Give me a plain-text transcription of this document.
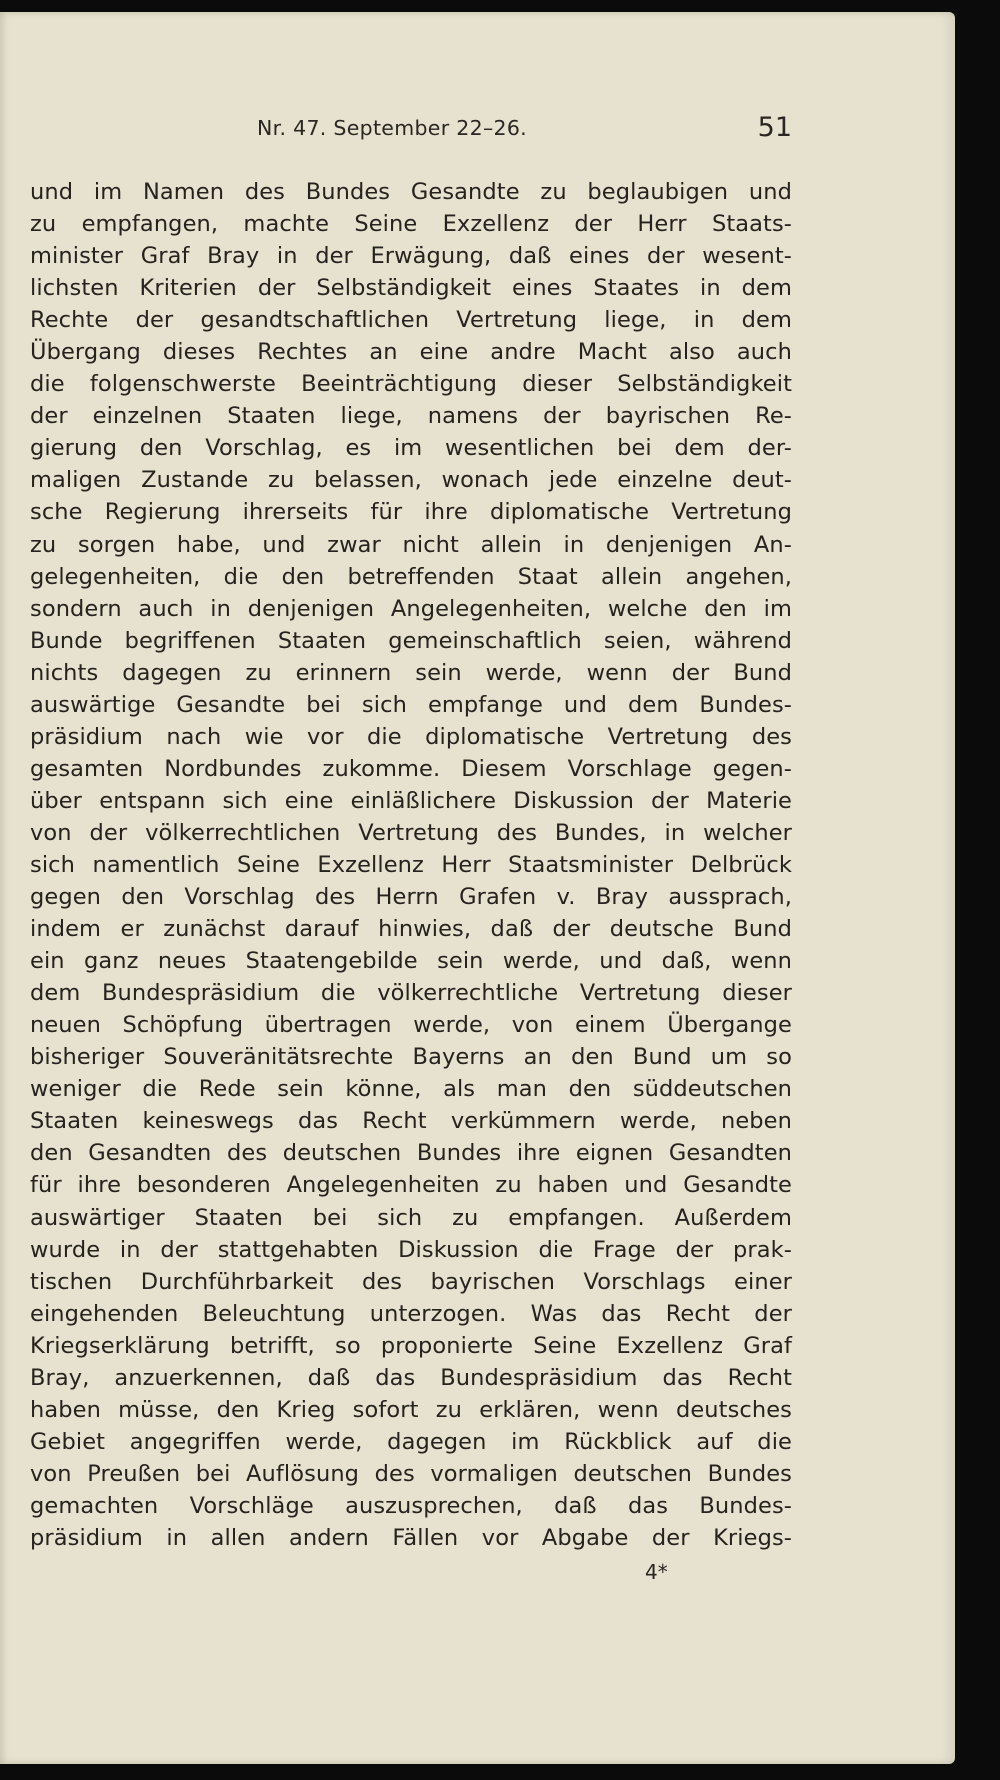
Nr. 47. September 22–26.	51
und im Namen des Bundes Gesandte zu beglaubigen und
zu empfangen, machte Seine Exzellenz der Herr Staats-
minister Graf Bray in der Erwägung, daß eines der wesent-
lichsten Kriterien der Selbständigkeit eines Staates in dem
Rechte der gesandtschaftlichen Vertretung liege, in dem
Übergang dieses Rechtes an eine andre Macht also auch
die folgenschwerste Beeinträchtigung dieser Selbständigkeit
der einzelnen Staaten liege, namens der bayrischen Re-
gierung den Vorschlag, es im wesentlichen bei dem der-
maligen Zustande zu belassen, wonach jede einzelne deut-
sche Regierung ihrerseits für ihre diplomatische Vertretung
zu sorgen habe, und zwar nicht allein in denjenigen An-
gelegenheiten, die den betreffenden Staat allein angehen,
sondern auch in denjenigen Angelegenheiten, welche den im
Bunde begriffenen Staaten gemeinschaftlich seien, während
nichts dagegen zu erinnern sein werde, wenn der Bund
auswärtige Gesandte bei sich empfange und dem Bundes-
präsidium nach wie vor die diplomatische Vertretung des
gesamten Nordbundes zukomme. Diesem Vorschlage gegen-
über entspann sich eine einläßlichere Diskussion der Materie
von der völkerrechtlichen Vertretung des Bundes, in welcher
sich namentlich Seine Exzellenz Herr Staatsminister Delbrück
gegen den Vorschlag des Herrn Grafen v. Bray aussprach,
indem er zunächst darauf hinwies, daß der deutsche Bund
ein ganz neues Staatengebilde sein werde, und daß, wenn
dem Bundespräsidium die völkerrechtliche Vertretung dieser
neuen Schöpfung übertragen werde, von einem Übergange
bisheriger Souveränitätsrechte Bayerns an den Bund um so
weniger die Rede sein könne, als man den süddeutschen
Staaten keineswegs das Recht verkümmern werde, neben
den Gesandten des deutschen Bundes ihre eignen Gesandten
für ihre besonderen Angelegenheiten zu haben und Gesandte
auswärtiger Staaten bei sich zu empfangen. Außerdem
wurde in der stattgehabten Diskussion die Frage der prak-
tischen Durchführbarkeit des bayrischen Vorschlags einer
eingehenden Beleuchtung unterzogen. Was das Recht der
Kriegserklärung betrifft, so proponierte Seine Exzellenz Graf
Bray, anzuerkennen, daß das Bundespräsidium das Recht
haben müsse, den Krieg sofort zu erklären, wenn deutsches
Gebiet angegriffen werde, dagegen im Rückblick auf die
von Preußen bei Auflösung des vormaligen deutschen Bundes
gemachten Vorschläge auszusprechen, daß das Bundes-
präsidium in allen andern Fällen vor Abgabe der Kriegs-
4*
